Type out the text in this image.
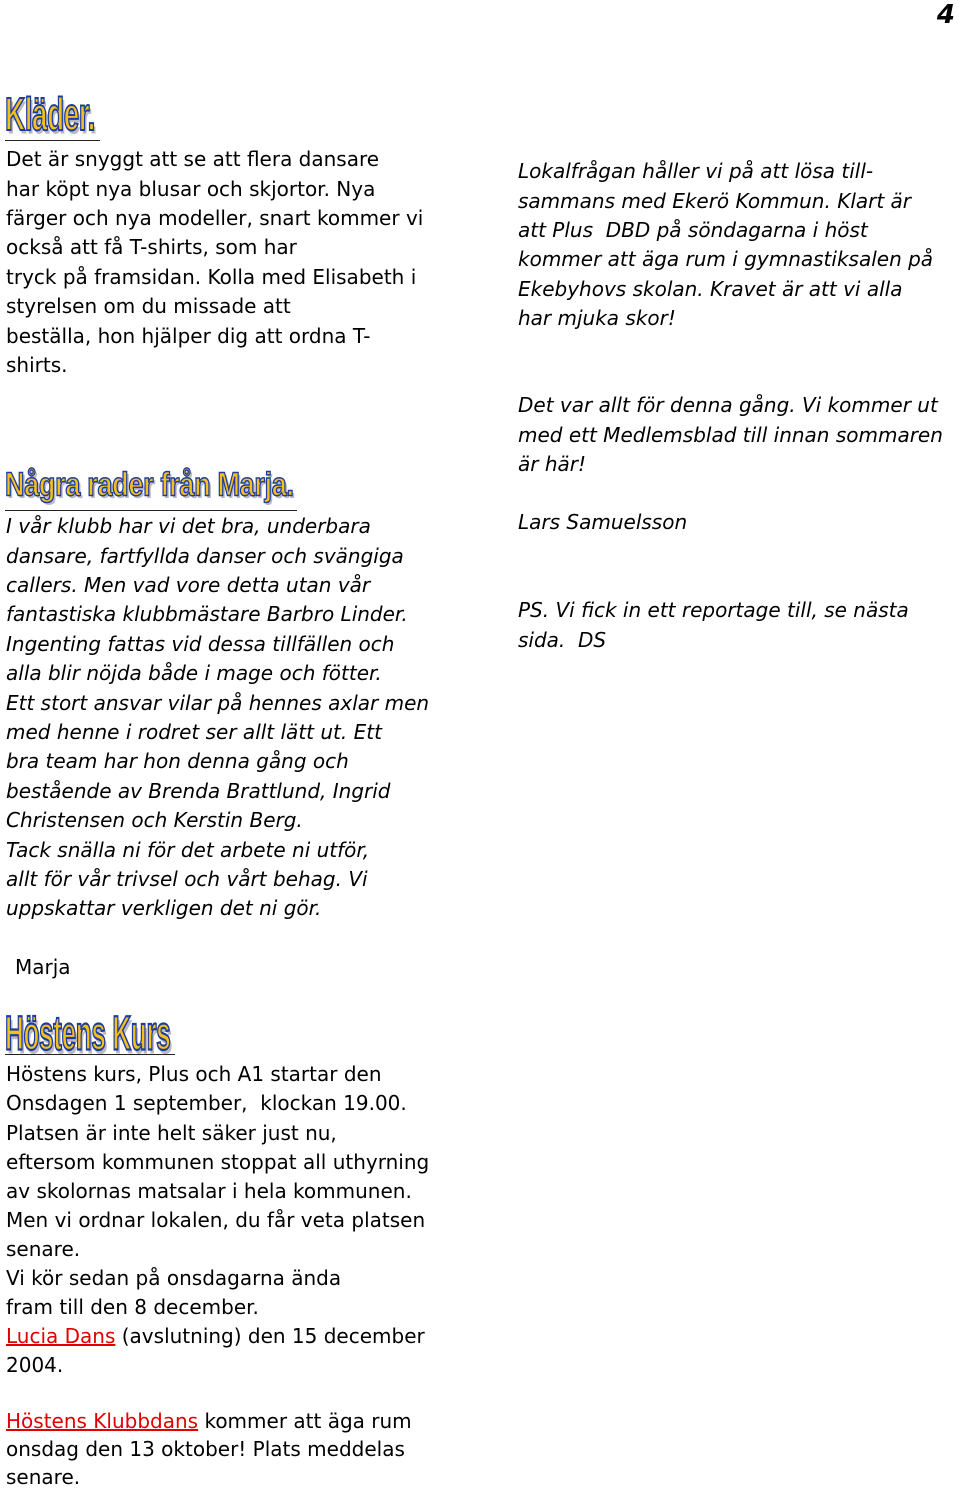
4
Kläder.
Det är snyggt att se att flera dansare
har köpt nya blusar och skjortor. Nya
färger och nya modeller, snart kommer vi
också att få T-shirts, som har
tryck på framsidan. Kolla med Elisabeth i
styrelsen om du missade att
beställa, hon hjälper dig att ordna T-
shirts.
Några rader från Marja.
I vår klubb har vi det bra, underbara
dansare, fartfyllda danser och svängiga
callers. Men vad vore detta utan vår
fantastiska klubbmästare Barbro Linder.
Ingenting fattas vid dessa tillfällen och
alla blir nöjda både i mage och fötter.
Ett stort ansvar vilar på hennes axlar men
med henne i rodret ser allt lätt ut. Ett
bra team har hon denna gång och
bestående av Brenda Brattlund, Ingrid
Christensen och Kerstin Berg.
Tack snälla ni för det arbete ni utför,
allt för vår trivsel och vårt behag. Vi
uppskattar verkligen det ni gör.
Marja
Höstens Kurs
Höstens kurs, Plus och A1 startar den
Onsdagen 1 september,  klockan 19.00.
Platsen är inte helt säker just nu,
eftersom kommunen stoppat all uthyrning
av skolornas matsalar i hela kommunen.
Men vi ordnar lokalen, du får veta platsen
senare.
Vi kör sedan på onsdagarna ända
fram till den 8 december.
Lucia Dans (avslutning) den 15 december
2004.
Höstens Klubbdans kommer att äga rum
onsdag den 13 oktober! Plats meddelas
senare.
Lokalfrågan håller vi på att lösa till-
sammans med Ekerö Kommun. Klart är
att Plus  DBD på söndagarna i höst
kommer att äga rum i gymnastiksalen på
Ekebyhovs skolan. Kravet är att vi alla
har mjuka skor!
Det var allt för denna gång. Vi kommer ut
med ett Medlemsblad till innan sommaren
är här!
Lars Samuelsson
PS. Vi fick in ett reportage till, se nästa
sida.  DS
